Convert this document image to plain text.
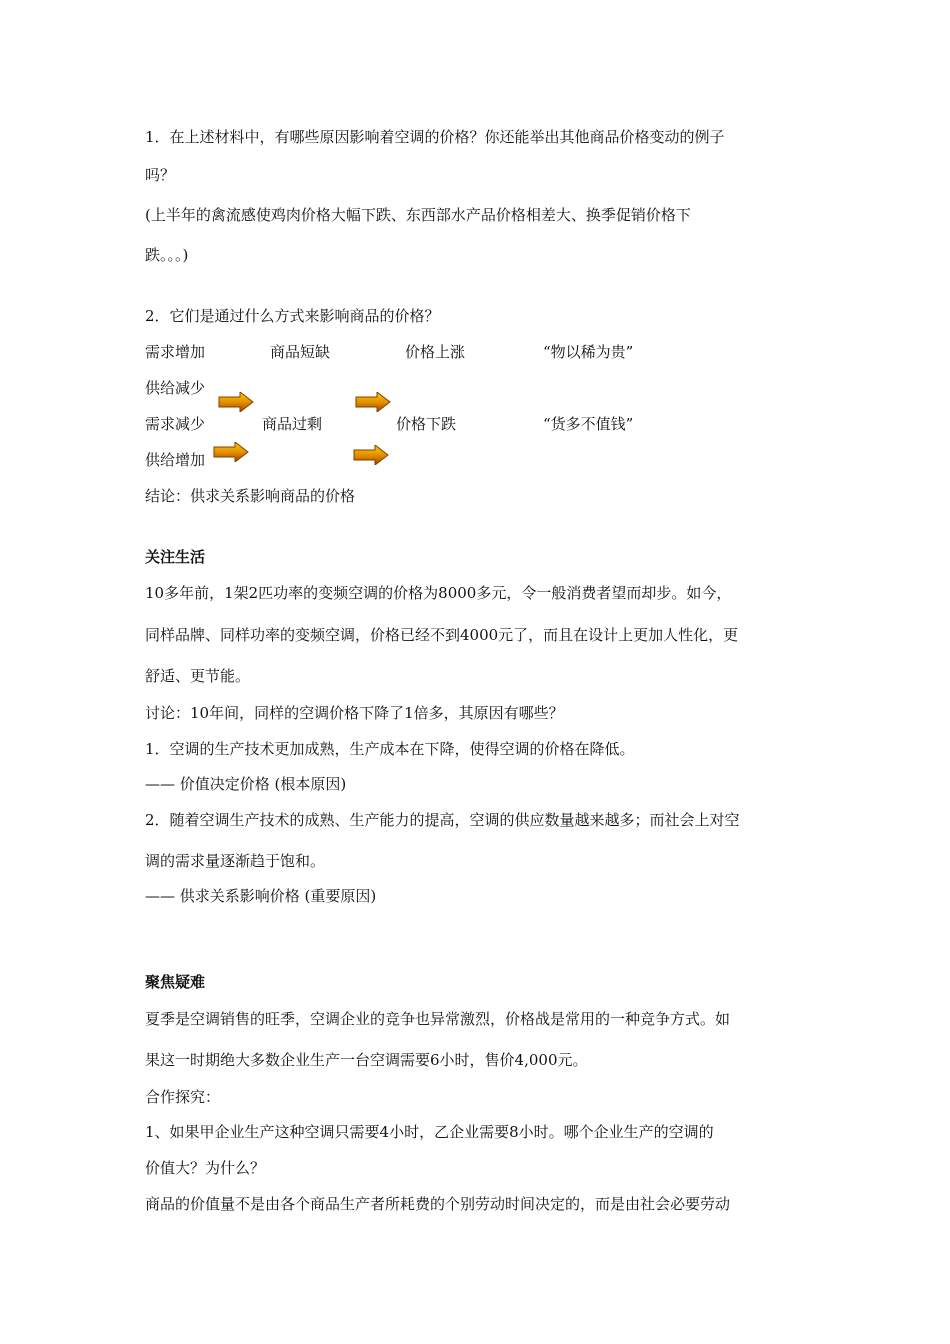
1．在上述材料中，有哪些原因影响着空调的价格？你还能举出其他商品价格变动的例子
吗？
(上半年的禽流感使鸡肉价格大幅下跌、东西部水产品价格相差大、换季促销价格下
跌。。。)
2．它们是通过什么方式来影响商品的价格？
需求增加	商品短缺	价格上涨	“物以稀为贵”
供给减少
需求减少	商品过剩	价格下跌	“货多不值钱”
供给增加
结论：供求关系影响商品的价格
关注生活
10多年前，1架2匹功率的变频空调的价格为8000多元，令一般消费者望而却步。如今，
同样品牌、同样功率的变频空调，价格已经不到4000元了，而且在设计上更加人性化，更
舒适、更节能。
讨论：10年间，同样的空调价格下降了1倍多，其原因有哪些？
1．空调的生产技术更加成熟，生产成本在下降，使得空调的价格在降低。
—— 价值决定价格 (根本原因)
2．随着空调生产技术的成熟、生产能力的提高，空调的供应数量越来越多；而社会上对空
调的需求量逐渐趋于饱和。
—— 供求关系影响价格 (重要原因)
聚焦疑难
夏季是空调销售的旺季，空调企业的竞争也异常激烈，价格战是常用的一种竞争方式。如
果这一时期绝大多数企业生产一台空调需要6小时，售价4,000元。
合作探究：
1、如果甲企业生产这种空调只需要4小时，乙企业需要8小时。哪个企业生产的空调的
价值大？为什么？
商品的价值量不是由各个商品生产者所耗费的个别劳动时间决定的，而是由社会必要劳动
